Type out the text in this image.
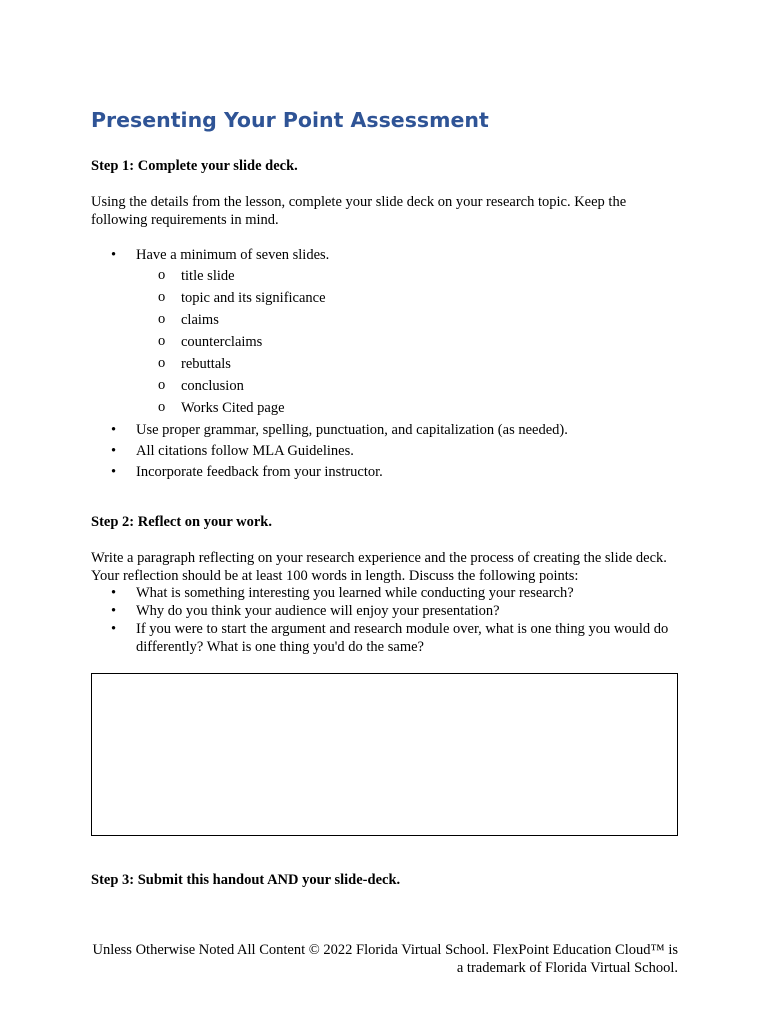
Presenting Your Point Assessment

Step 1: Complete your slide deck.

Using the details from the lesson, complete your slide deck on your research topic. Keep the following requirements in mind.

• Have a minimum of seven slides.
o title slide
o topic and its significance
o claims
o counterclaims
o rebuttals
o conclusion
o Works Cited page
• Use proper grammar, spelling, punctuation, and capitalization (as needed).
• All citations follow MLA Guidelines.
• Incorporate feedback from your instructor.

Step 2: Reflect on your work.

Write a paragraph reflecting on your research experience and the process of creating the slide deck. Your reflection should be at least 100 words in length. Discuss the following points:

• What is something interesting you learned while conducting your research?
• Why do you think your audience will enjoy your presentation?
• If you were to start the argument and research module over, what is one thing you would do differently? What is one thing you'd do the same?

Step 3: Submit this handout AND your slide-deck.

Unless Otherwise Noted All Content © 2022 Florida Virtual School. FlexPoint Education Cloud™ is a trademark of Florida Virtual School.
